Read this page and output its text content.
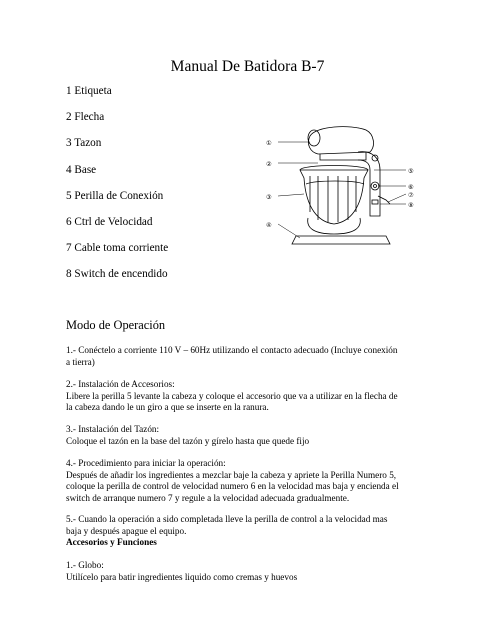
Manual De Batidora B-7
1 Etiqueta
2 Flecha
3 Tazon
4 Base
5 Perilla de Conexión
6 Ctrl de Velocidad
7 Cable toma corriente
8 Switch de encendido
①
②
③
④
⑤
⑥
⑦
⑧
Modo de Operación
1.- Conéctelo a corriente 110 V – 60Hz utilizando el contacto adecuado (Incluye conexión
a tierra)
2.- Instalación de Accesorios:
Libere la perilla 5 levante la cabeza y coloque el accesorio que va a utilizar en la flecha de
la cabeza dando le un giro a que se inserte en la ranura.
3.- Instalación del Tazón:
Coloque el tazón en la base del tazón y gírelo hasta que quede fijo
4.- Procedimiento para iniciar la operación:
Después de añadir los ingredientes a mezclar baje la cabeza y apriete la Perilla Numero 5,
coloque la perilla de control de velocidad numero 6 en la velocidad mas baja y encienda el
switch de arranque numero 7 y regule a la velocidad adecuada gradualmente.
5.- Cuando la operación a sido completada lleve la perilla de control a la velocidad mas
baja y después apague el equipo.
Accesorios y Funciones
1.- Globo:
Utilícelo para batir ingredientes liquido como cremas y huevos
